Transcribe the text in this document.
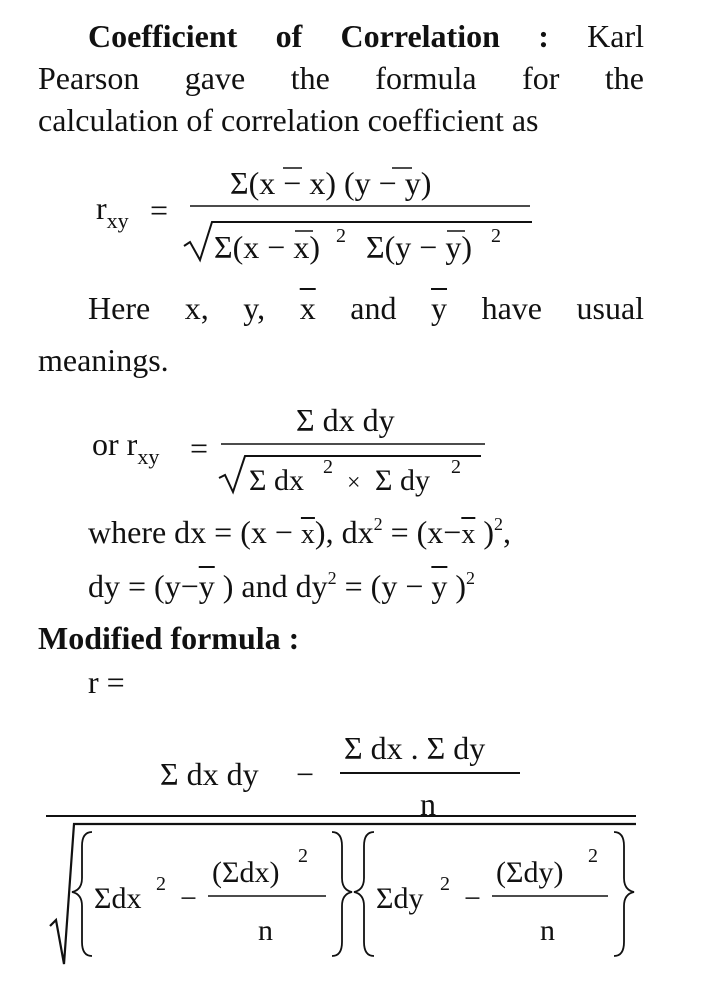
Coefficient of Correlation : Karl
Pearson gave the formula for the
calculation of correlation coefficient as
$r_{xy}$ =
Σ(x − x) (y − y)
Σ(x − x) 2 Σ(y − y) 2
Here x, y, $\overline{x}$ and $\overline{y}$ have usual
meanings.
or $r_{xy}$ =
Σ dx dy
Σ dx 2
× Σ dy 2
where dx = $(x - \overline{x})$, $dx^2 = (x-\overline{x}$ )$^2$,
dy = ($y-\overline{y}$ ) and $dy^2 = (y - \overline{y}$ )$^2$
Modified formula :
r =
Σ dx dy −
Σ dx . Σ dy
n
Σdx 2 −
(Σdx) 2
n
Σdy 2 −
(Σdy) 2
n
